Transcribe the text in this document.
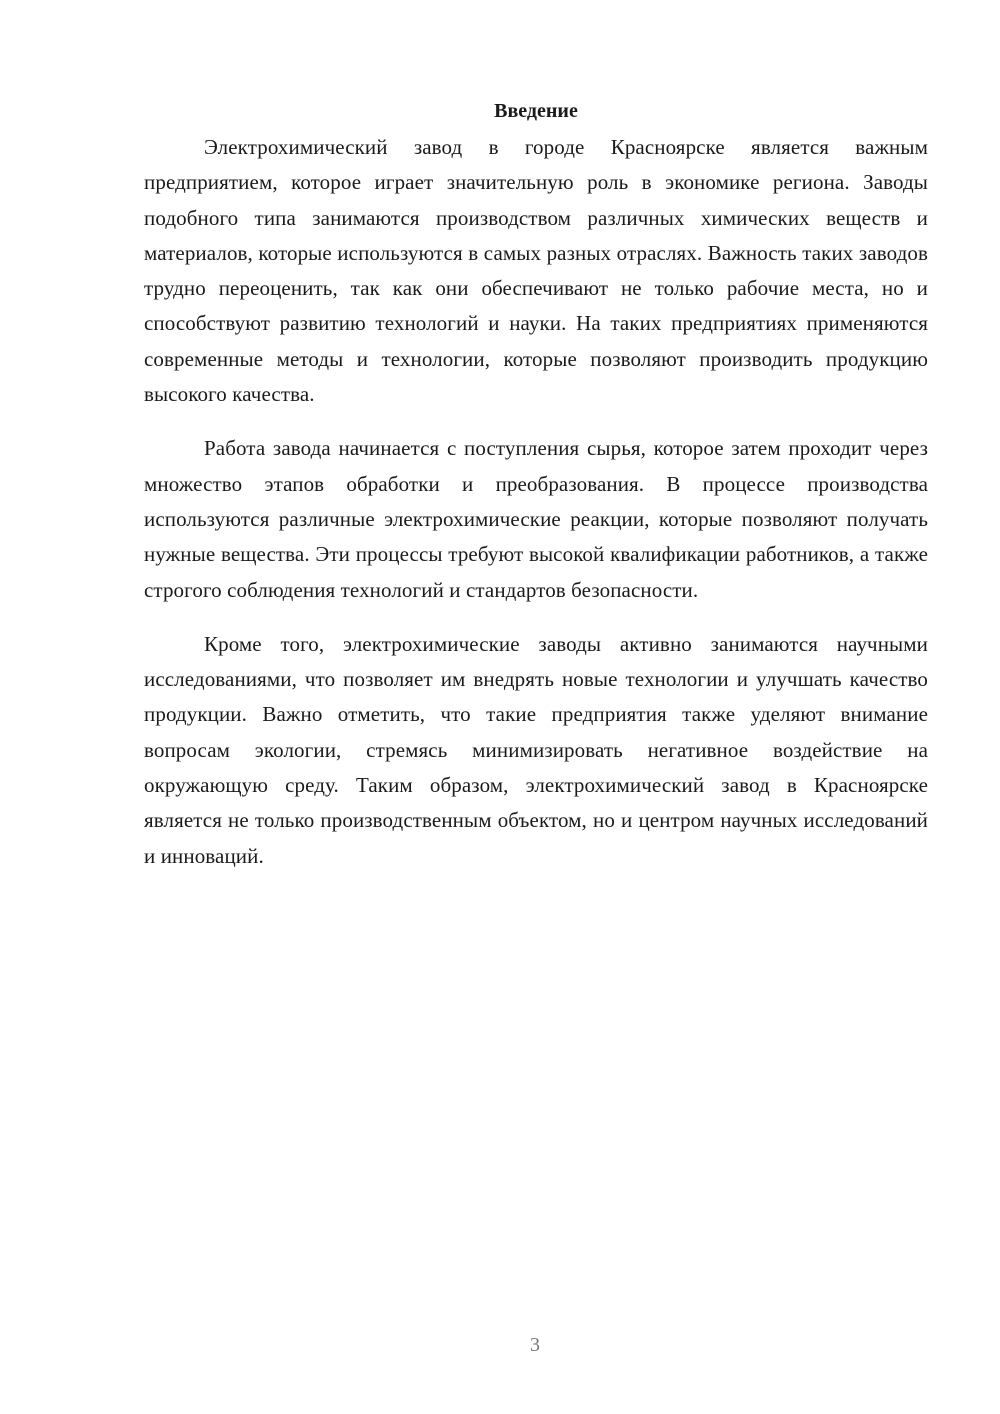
Введение

Электрохимический завод в городе Красноярске является важным предприятием, которое играет значительную роль в экономике региона. Заводы подобного типа занимаются производством различных химических веществ и материалов, которые используются в самых разных отраслях. Важность таких заводов трудно переоценить, так как они обеспечивают не только рабочие места, но и способствуют развитию технологий и науки. На таких предприятиях применяются современные методы и технологии, которые позволяют производить продукцию высокого качества.

Работа завода начинается с поступления сырья, которое затем проходит через множество этапов обработки и преобразования. В процессе производства используются различные электрохимические реакции, которые позволяют получать нужные вещества. Эти процессы требуют высокой квалификации работников, а также строгого соблюдения технологий и стандартов безопасности.

Кроме того, электрохимические заводы активно занимаются научными исследованиями, что позволяет им внедрять новые технологии и улучшать качество продукции. Важно отметить, что такие предприятия также уделяют внимание вопросам экологии, стремясь минимизировать негативное воздействие на окружающую среду. Таким образом, электрохимический завод в Красноярске является не только производственным объектом, но и центром научных исследований и инноваций.

3
